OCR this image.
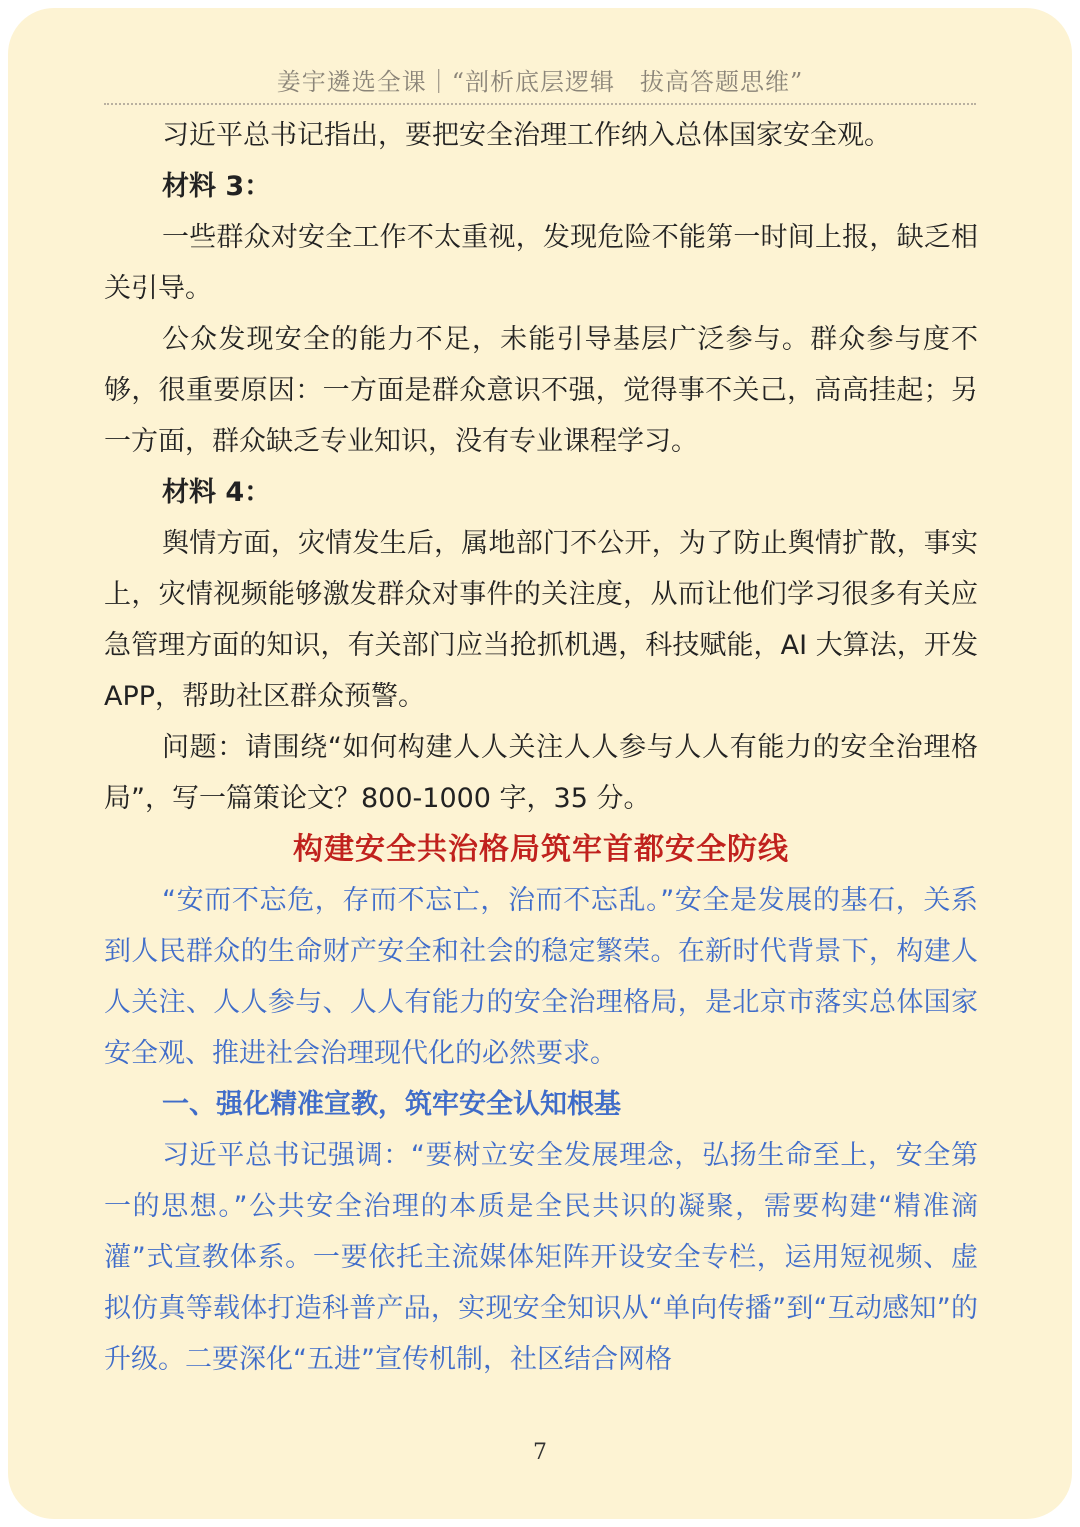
姜宇遴选全课｜“剖析底层逻辑　拔高答题思维”

习近平总书记指出，要把安全治理工作纳入总体国家安全观。

材料 3：

一些群众对安全工作不太重视，发现危险不能第一时间上报，缺乏相关引导。

公众发现安全的能力不足，未能引导基层广泛参与。群众参与度不够，很重要原因：一方面是群众意识不强，觉得事不关己，高高挂起；另一方面，群众缺乏专业知识，没有专业课程学习。

材料 4：

舆情方面，灾情发生后，属地部门不公开，为了防止舆情扩散，事实上，灾情视频能够激发群众对事件的关注度，从而让他们学习很多有关应急管理方面的知识，有关部门应当抢抓机遇，科技赋能，AI 大算法，开发 APP，帮助社区群众预警。

问题：请围绕“如何构建人人关注人人参与人人有能力的安全治理格局”，写一篇策论文？800-1000 字，35 分。

构建安全共治格局筑牢首都安全防线

“安而不忘危，存而不忘亡，治而不忘乱。”安全是发展的基石，关系到人民群众的生命财产安全和社会的稳定繁荣。在新时代背景下，构建人人关注、人人参与、人人有能力的安全治理格局，是北京市落实总体国家安全观、推进社会治理现代化的必然要求。

一、强化精准宣教，筑牢安全认知根基

习近平总书记强调：“要树立安全发展理念，弘扬生命至上，安全第一的思想。”公共安全治理的本质是全民共识的凝聚，需要构建“精准滴灌”式宣教体系。一要依托主流媒体矩阵开设安全专栏，运用短视频、虚拟仿真等载体打造科普产品，实现安全知识从“单向传播”到“互动感知”的升级。二要深化“五进”宣传机制，社区结合网格

7
